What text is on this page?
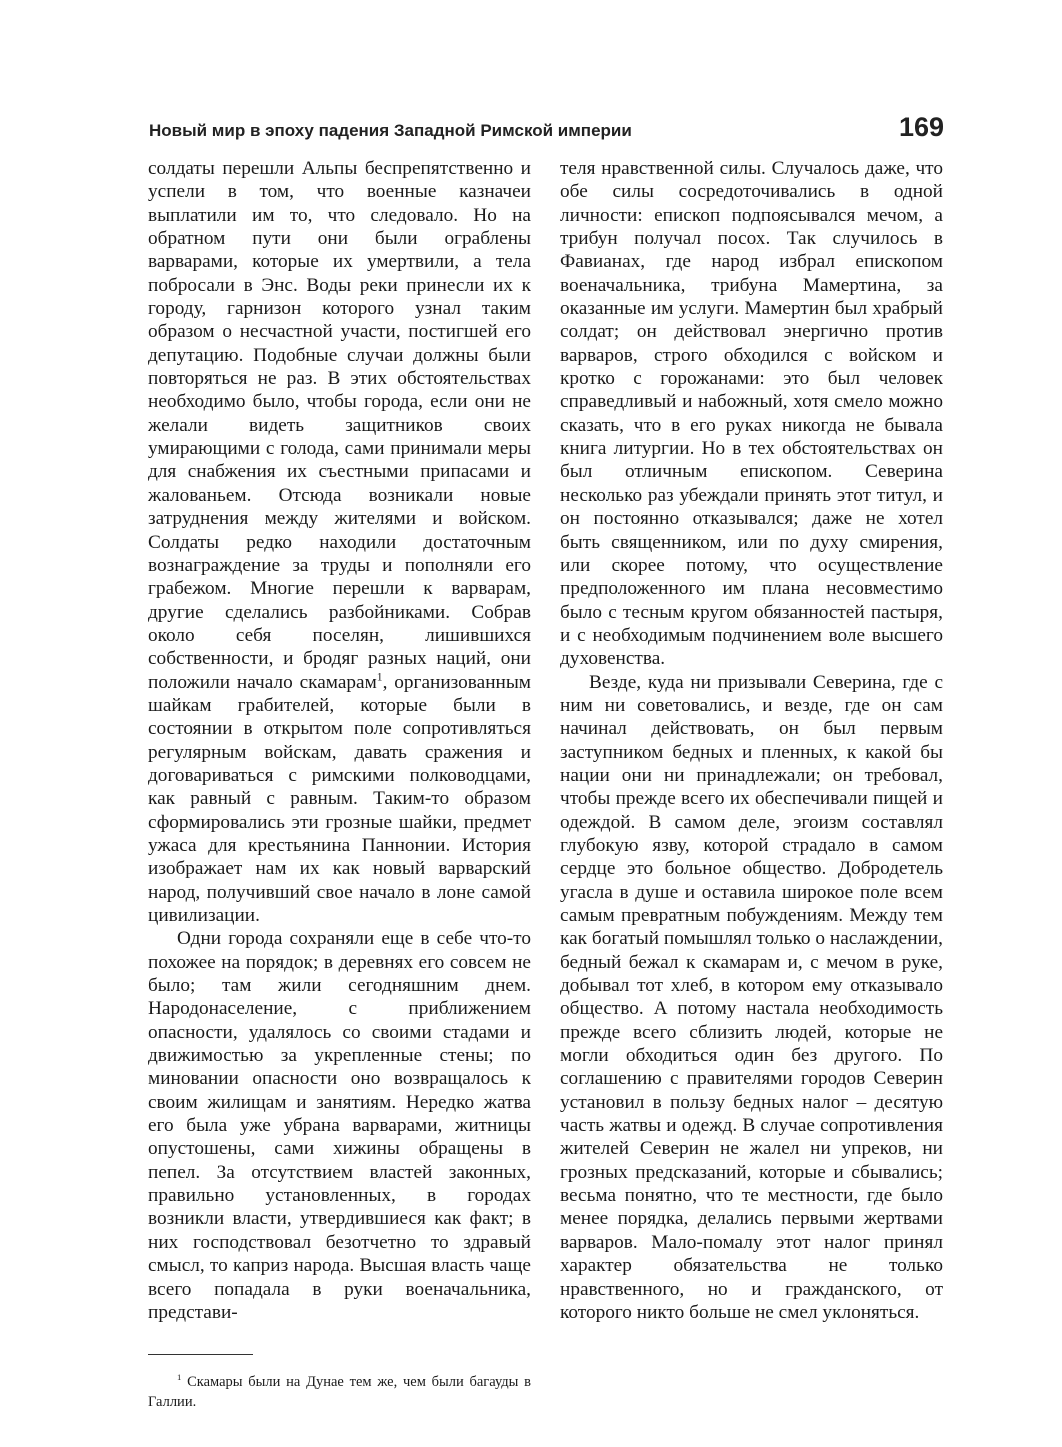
Новый мир в эпоху падения Западной Римской империи	169

солдаты перешли Альпы беспрепятственно и успели в том, что военные казначеи выплатили им то, что следовало. Но на обратном пути они были ограблены варварами, которые их умертвили, а тела побросали в Энс. Воды реки принесли их к городу, гарнизон которого узнал таким образом о несчастной участи, постигшей его депутацию. Подобные случаи должны были повторяться не раз. В этих обстоятельствах необходимо было, чтобы города, если они не желали видеть защитников своих умирающими с голода, сами принимали меры для снабжения их съестными припасами и жалованьем. Отсюда возникали новые затруднения между жителями и войском. Солдаты редко находили достаточным вознаграждение за труды и пополняли его грабежом. Многие перешли к варварам, другие сделались разбойниками. Собрав около себя поселян, лишившихся собственности, и бродяг разных наций, они положили начало скамарам$^1$, организованным шайкам грабителей, которые были в состоянии в открытом поле сопротивляться регулярным войскам, давать сражения и договариваться с римскими полководцами, как равный с равным. Таким-то образом сформировались эти грозные шайки, предмет ужаса для крестьянина Паннонии. История изображает нам их как новый варварский народ, получивший свое начало в лоне самой цивилизации.

Одни города сохраняли еще в себе что-то похожее на порядок; в деревнях его совсем не было; там жили сегодняшним днем. Народонаселение, с приближением опасности, удалялось со своими стадами и движимостью за укрепленные стены; по миновании опасности оно возвращалось к своим жилищам и занятиям. Нередко жатва его была уже убрана варварами, житницы опустошены, сами хижины обращены в пепел. За отсутствием властей законных, правильно установленных, в городах возникли власти, утвердившиеся как факт; в них господствовал безотчетно то здравый смысл, то каприз народа. Высшая власть чаще всего попадала в руки военачальника, представи-

теля нравственной силы. Случалось даже, что обе силы сосредоточивались в одной личности: епископ подпоясывался мечом, а трибун получал посох. Так случилось в Фавианах, где народ избрал епископом военачальника, трибуна Мамертина, за оказанные им услуги. Мамертин был храбрый солдат; он действовал энергично против варваров, строго обходился с войском и кротко с горожанами: это был человек справедливый и набожный, хотя смело можно сказать, что в его руках никогда не бывала книга литургии. Но в тех обстоятельствах он был отличным епископом. Северина несколько раз убеждали принять этот титул, и он постоянно отказывался; даже не хотел быть священником, или по духу смирения, или скорее потому, что осуществление предположенного им плана несовместимо было с тесным кругом обязанностей пастыря, и с необходимым подчинением воле высшего духовенства.

Везде, куда ни призывали Северина, где с ним ни советовались, и везде, где он сам начинал действовать, он был первым заступником бедных и пленных, к какой бы нации они ни принадлежали; он требовал, чтобы прежде всего их обеспечивали пищей и одеждой. В самом деле, эгоизм составлял глубокую язву, которой страдало в самом сердце это больное общество. Добродетель угасла в душе и оставила широкое поле всем самым превратным побуждениям. Между тем как богатый помышлял только о наслаждении, бедный бежал к скамарам и, с мечом в руке, добывал тот хлеб, в котором ему отказывало общество. А потому настала необходимость прежде всего сблизить людей, которые не могли обходиться один без другого. По соглашению с правителями городов Северин установил в пользу бедных налог – десятую часть жатвы и одежд. В случае сопротивления жителей Северин не жалел ни упреков, ни грозных предсказаний, которые и сбывались; весьма понятно, что те местности, где было менее порядка, делались первыми жертвами варваров. Мало-помалу этот налог принял характер обязательства не только нравственного, но и гражданского, от которого никто больше не смел уклоняться.

$^1$ Скамары были на Дунае тем же, чем были багауды в Галлии.
